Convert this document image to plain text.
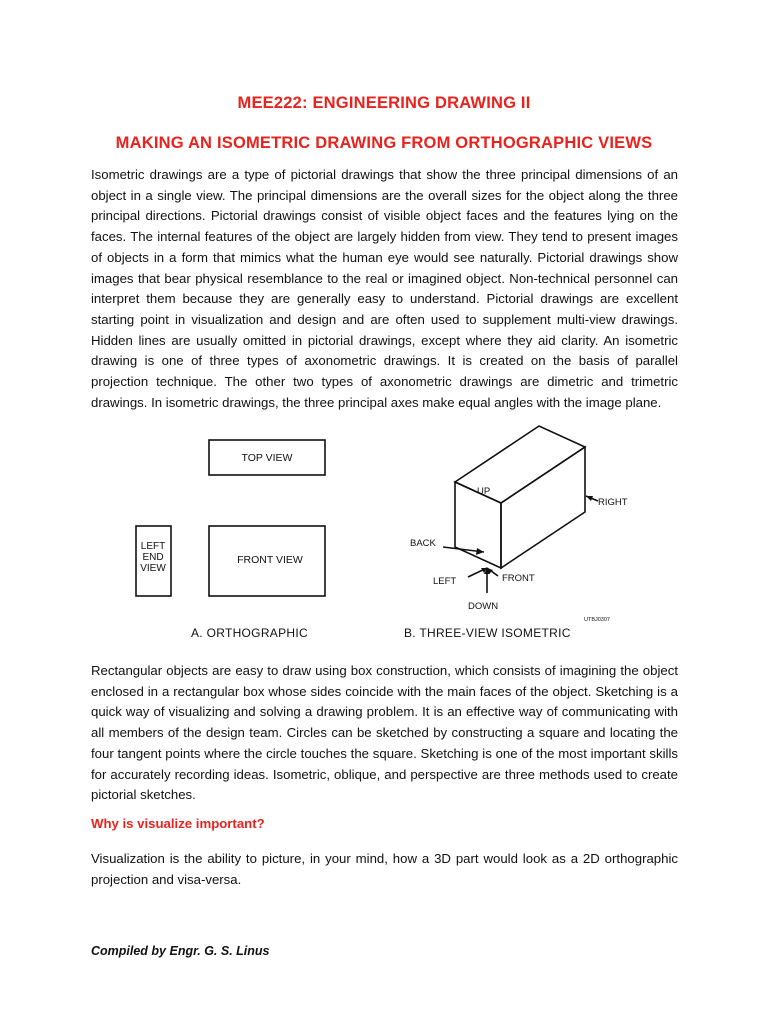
MEE222: ENGINEERING DRAWING II
MAKING AN ISOMETRIC DRAWING FROM ORTHOGRAPHIC VIEWS

Isometric drawings are a type of pictorial drawings that show the three principal dimensions of an object in a single view. The principal dimensions are the overall sizes for the object along the three principal directions. Pictorial drawings consist of visible object faces and the features lying on the faces. The internal features of the object are largely hidden from view. They tend to present images of objects in a form that mimics what the human eye would see naturally. Pictorial drawings show images that bear physical resemblance to the real or imagined object. Non-technical personnel can interpret them because they are generally easy to understand. Pictorial drawings are excellent starting point in visualization and design and are often used to supplement multi-view drawings. Hidden lines are usually omitted in pictorial drawings, except where they aid clarity. An isometric drawing is one of three types of axonometric drawings. It is created on the basis of parallel projection technique. The other two types of axonometric drawings are dimetric and trimetric drawings. In isometric drawings, the three principal axes make equal angles with the image plane.

TOP VIEW
LEFT
END
VIEW
FRONT VIEW
A. ORTHOGRAPHIC
UP
RIGHT
BACK
FRONT
LEFT
DOWN
UTBJ0307
B. THREE-VIEW ISOMETRIC

Rectangular objects are easy to draw using box construction, which consists of imagining the object enclosed in a rectangular box whose sides coincide with the main faces of the object. Sketching is a quick way of visualizing and solving a drawing problem. It is an effective way of communicating with all members of the design team. Circles can be sketched by constructing a square and locating the four tangent points where the circle touches the square. Sketching is one of the most important skills for accurately recording ideas. Isometric, oblique, and perspective are three methods used to create pictorial sketches.

Why is visualize important?

Visualization is the ability to picture, in your mind, how a 3D part would look as a 2D orthographic projection and visa-versa.

Compiled by Engr. G. S. Linus
